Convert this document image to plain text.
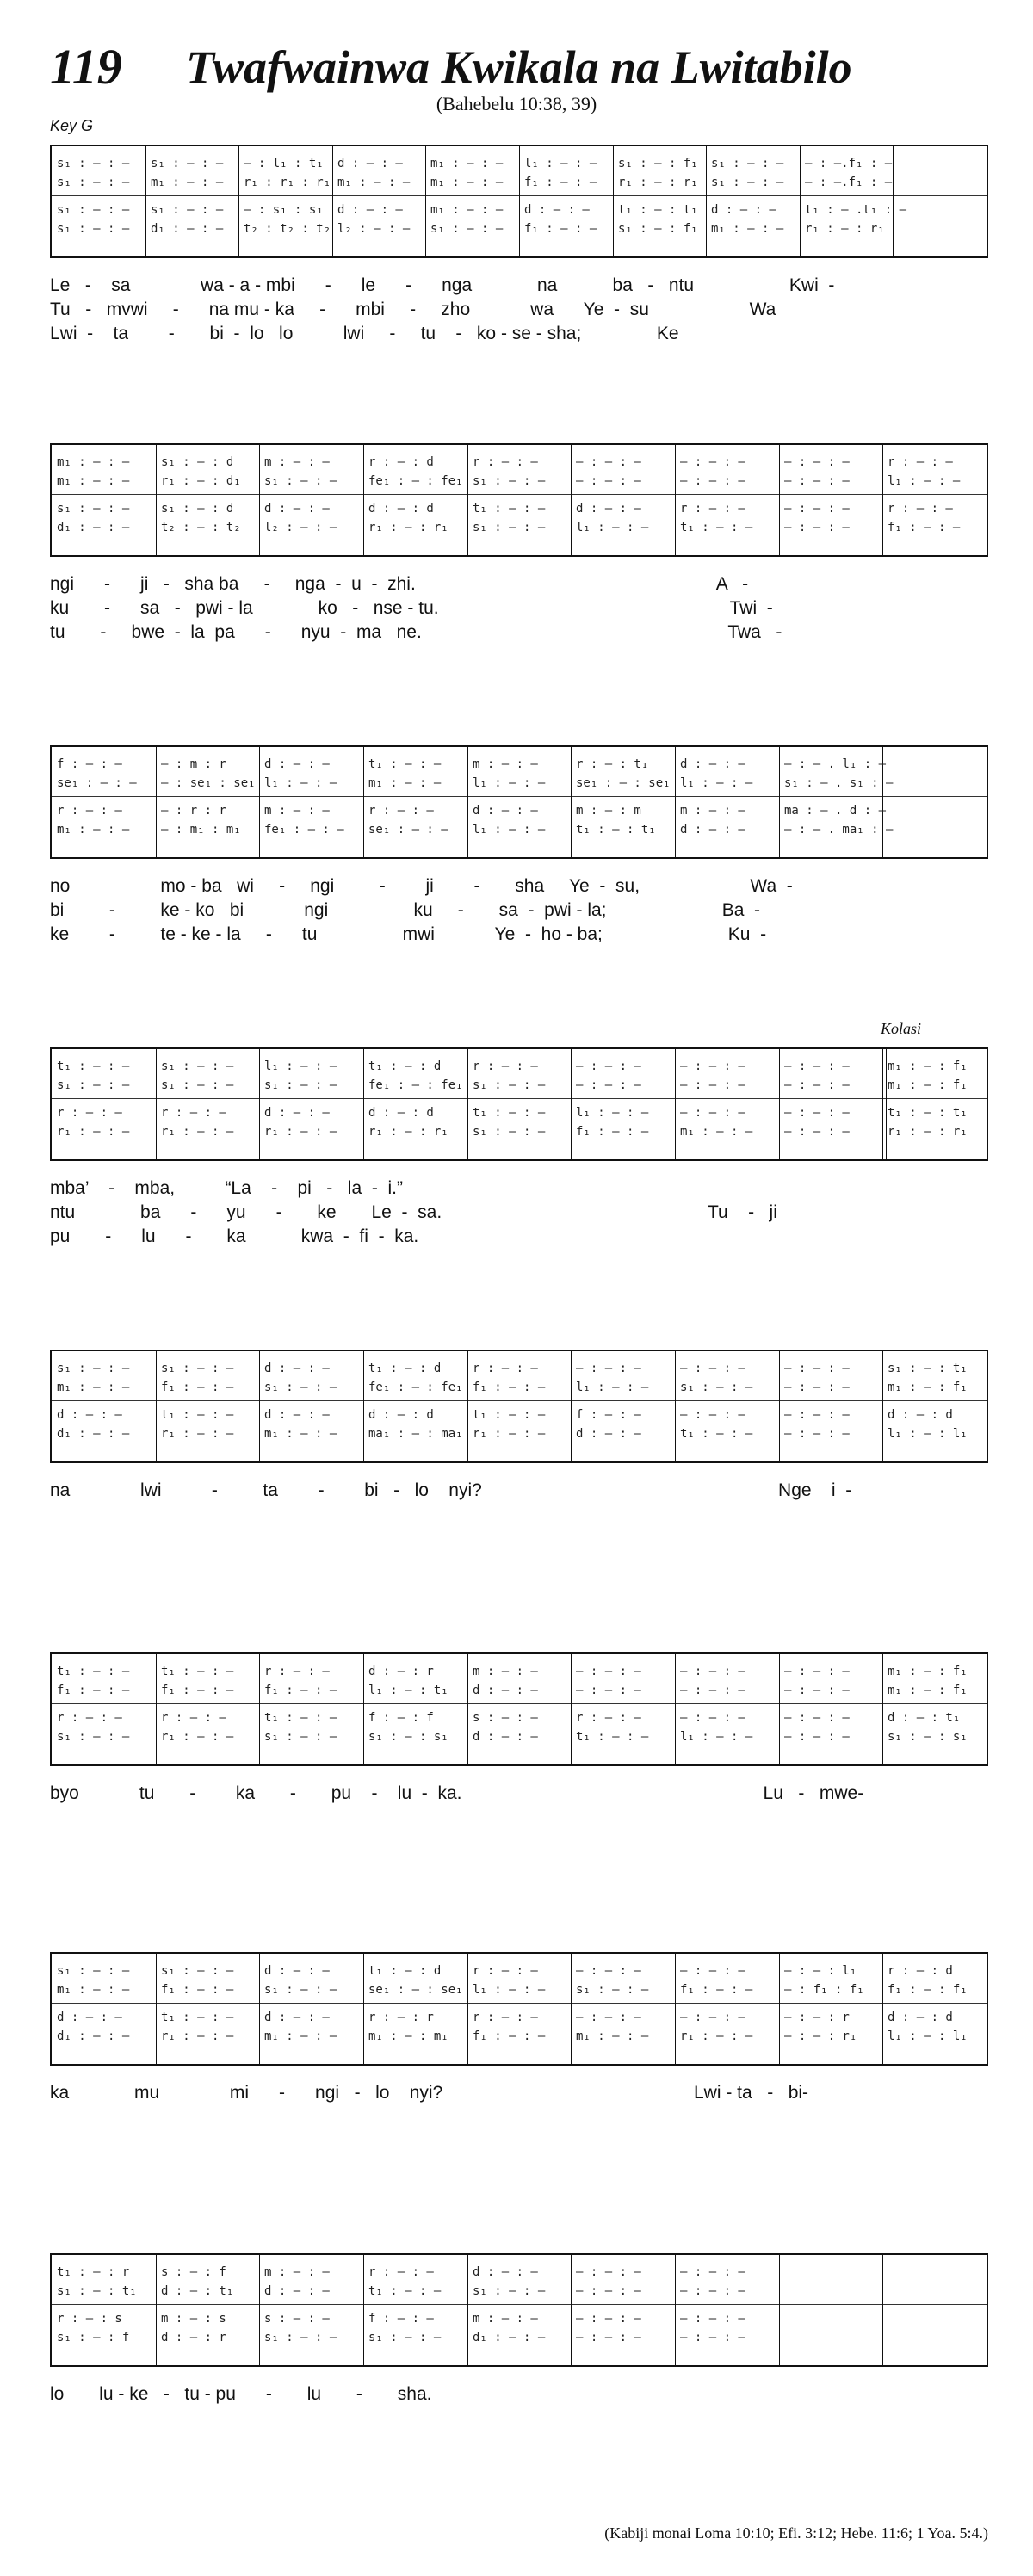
119 Twafwainwa Kwikala na Lwitabilo
(Bahebelu 10:38, 39)
Key G
s₁ : – : –	s₁ : – : –	– : l₁ : t₁	d : – : –	m₁ : – : –	l₁ : – : –	s₁ : – : f₁	s₁ : – : –	– : –.f₁ : –
s₁ : – : –	m₁ : – : –	r₁ : r₁ : r₁ m₁ : – : –	m₁ : – : –	f₁ : – : –	r₁ : – : r₁	s₁ : – : –	– : –.f₁ : –
s₁ : – : –	s₁ : – : –	– : s₁ : s₁	d : – : –	m₁ : – : –	d : – : –	t₁ : – : t₁	d : – : –	t₁ : – .t₁ : –
s₁ : – : –	d₁ : – : –	t₂ : t₂ : t₂ l₂ : – : –	s₁ : – : –	f₁ : – : –	s₁ : – : f₁	m₁ : – : –	r₁ : – : r₁
Le   -    sa              wa - a - mbi      -      le      -      nga             na           ba   -   ntu                   Kwi  -
Tu   -   mvwi     -      na mu - ka     -      mbi     -     zho            wa      Ye  -  su                    Wa
Lwi  -    ta        -       bi  -  lo   lo          lwi     -     tu    -   ko - se - sha;               Ke
m₁ : – : –	s₁ : – : d	m : – : –	r : – : d	r : – : –	– : – : –	– : – : –	– : – : –	r : – : –
m₁ : – : –	r₁ : – : d₁	s₁ : – : –	fe₁ : – : fe₁ s₁ : – : –	– : – : –	– : – : –	– : – : –	l₁ : – : –
s₁ : – : –	s₁ : – : d	d : – : –	d : – : d	t₁ : – : –	d : – : –	r : – : –	– : – : –	r : – : –
d₁ : – : –	t₂ : – : t₂	l₂ : – : –	r₁ : – : r₁	s₁ : – : –	l₁ : – : –	t₁ : – : –	– : – : –	f₁ : – : –
ngi      -      ji   -   sha ba     -     nga  -  u  -  zhi.                                                            A   -
ku       -      sa   -   pwi - la             ko   -   nse - tu.                                                          Twi  -
tu       -     bwe  -  la  pa      -      nyu  -  ma   ne.                                                             Twa   -
f : – : –	– : m : r	d : – : –	t₁ : – : –	m : – : –	r : – : t₁	d : – : –	– : – . l₁ : –
se₁ : – : –	– : se₁ : se₁ l₁ : – : –	m₁ : – : –	l₁ : – : –	se₁ : – : se₁ l₁ : – : –	s₁ : – . s₁ : –
r : – : –	– : r : r	m : – : –	r : – : –	d : – : –	m : – : m	m : – : –	ma : – . d : –
m₁ : – : –	– : m₁ : m₁	fe₁ : – : –	se₁ : – : –	l₁ : – : –	t₁ : – : t₁	d : – : –	– : – . ma₁ : –
no                  mo - ba   wi     -     ngi         -        ji        -       sha     Ye  -  su,                      Wa  -
bi         -         ke - ko   bi            ngi                 ku     -       sa  -  pwi - la;                       Ba  -
ke        -         te - ke - la     -      tu                 mwi            Ye  -  ho - ba;                         Ku  -
t₁ : – : –	s₁ : – : –	l₁ : – : –	t₁ : – : d	r : – : –	– : – : –	– : – : –	– : – : –	m₁ : – : f₁
s₁ : – : –	s₁ : – : –	s₁ : – : –	fe₁ : – : fe₁ s₁ : – : –	– : – : –	– : – : –	– : – : –	m₁ : – : f₁
r : – : –	r : – : –	d : – : –	d : – : d	t₁ : – : –	l₁ : – : –	– : – : –	– : – : –	t₁ : – : t₁
r₁ : – : –	r₁ : – : –	r₁ : – : –	r₁ : – : r₁	s₁ : – : –	f₁ : – : –	m₁ : – : –	– : – : –	r₁ : – : r₁
mba’    -    mba,          “La    -    pi   -   la  -  i.”
ntu             ba      -      yu      -       ke       Le  -  sa.                                                     Tu    -   ji
pu       -      lu      -       ka           kwa  -  fi  -  ka.
Kolasi
s₁ : – : –	s₁ : – : –	d : – : –	t₁ : – : d	r : – : –	– : – : –	– : – : –	– : – : –	s₁ : – : t₁
m₁ : – : –	f₁ : – : –	s₁ : – : –	fe₁ : – : fe₁ f₁ : – : –	l₁ : – : –	s₁ : – : –	– : – : –	m₁ : – : f₁
d : – : –	t₁ : – : –	d : – : –	d : – : d	t₁ : – : –	f : – : –	– : – : –	– : – : –	d : – : d
d₁ : – : –	r₁ : – : –	m₁ : – : –	ma₁ : – : ma₁ r₁ : – : –	d : – : –	t₁ : – : –	– : – : –	l₁ : – : l₁
na              lwi          -         ta        -        bi   -   lo    nyi?                                                           Nge    i  -
t₁ : – : –	t₁ : – : –	r : – : –	d : – : r	m : – : –	– : – : –	– : – : –	– : – : –	m₁ : – : f₁
f₁ : – : –	f₁ : – : –	f₁ : – : –	l₁ : – : t₁	d : – : –	– : – : –	– : – : –	– : – : –	m₁ : – : f₁
r : – : –	r : – : –	t₁ : – : –	f : – : f	s : – : –	r : – : –	– : – : –	– : – : –	d : – : t₁
s₁ : – : –	r₁ : – : –	s₁ : – : –	s₁ : – : s₁	d : – : –	t₁ : – : –	l₁ : – : –	– : – : –	s₁ : – : s₁
byo            tu       -        ka       -       pu    -    lu  -  ka.                                                            Lu   -   mwe-
s₁ : – : –	s₁ : – : –	d : – : –	t₁ : – : d	r : – : –	– : – : –	– : – : –	– : – : l₁	r : – : d
m₁ : – : –	f₁ : – : –	s₁ : – : –	se₁ : – : se₁ l₁ : – : –	s₁ : – : –	f₁ : – : –	– : f₁ : f₁	f₁ : – : f₁
d : – : –	t₁ : – : –	d : – : –	r : – : r	r : – : –	– : – : –	– : – : –	– : – : r	d : – : d
d₁ : – : –	r₁ : – : –	m₁ : – : –	m₁ : – : m₁	f₁ : – : –	m₁ : – : –	r₁ : – : –	– : – : r₁	l₁ : – : l₁
ka             mu              mi      -      ngi   -   lo    nyi?                                                  Lwi - ta   -   bi-
t₁ : – : r	s : – : f	m : – : –	r : – : –	d : – : –	– : – : –	– : – : –
s₁ : – : t₁	d : – : t₁	d : – : –	t₁ : – : –	s₁ : – : –	– : – : –	– : – : –
r : – : s	m : – : s	s : – : –	f : – : –	m : – : –	– : – : –	– : – : –
s₁ : – : f	d : – : r	s₁ : – : –	s₁ : – : –	d₁ : – : –	– : – : –	– : – : –
lo       lu - ke   -   tu - pu      -       lu       -       sha.
(Kabiji monai Loma 10:10; Efi. 3:12; Hebe. 11:6; 1 Yoa. 5:4.)
